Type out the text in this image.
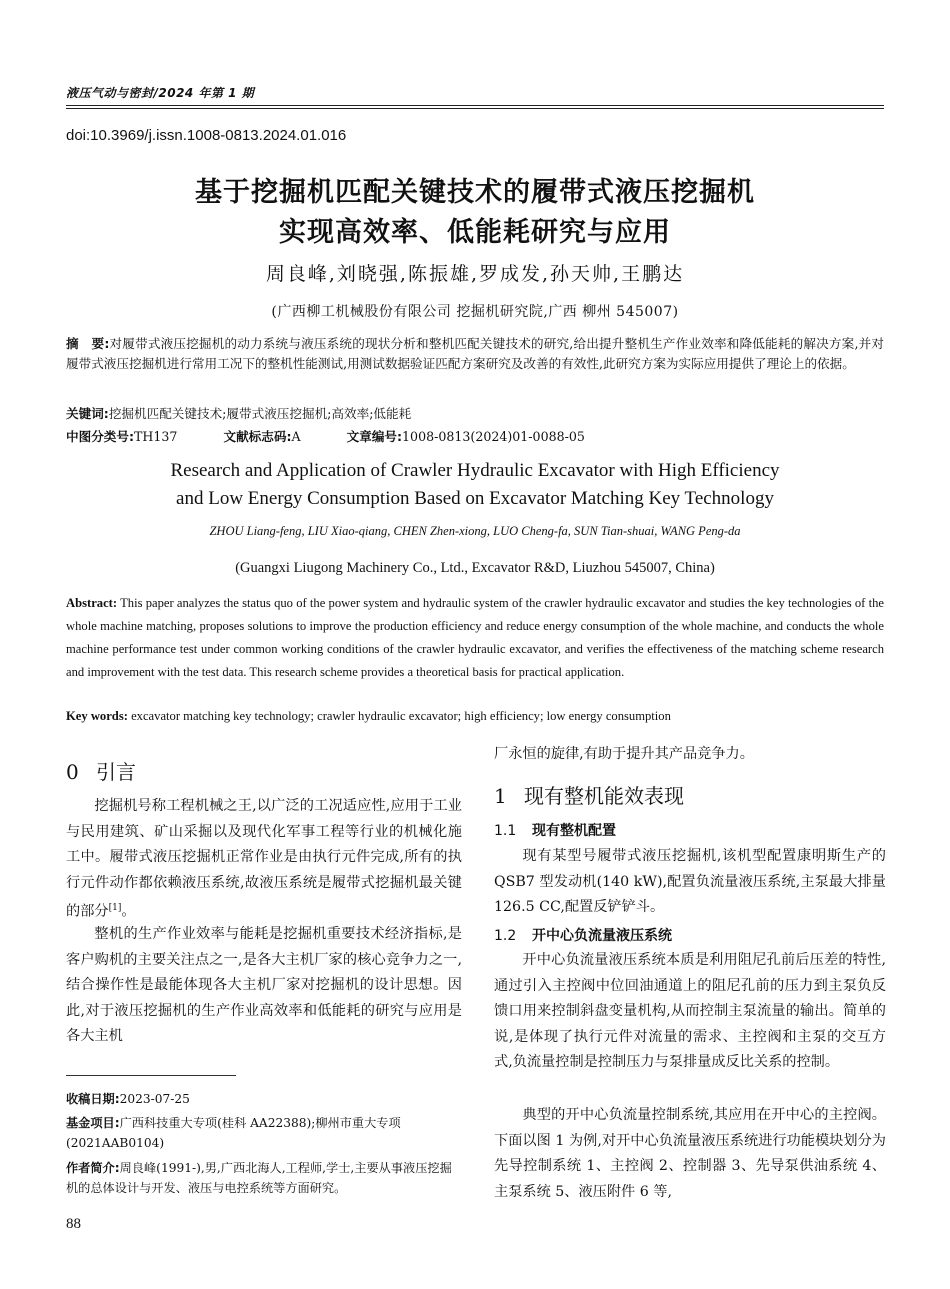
液压气动与密封/2024 年第 1 期
doi:10.3969/j.issn.1008-0813.2024.01.016
基于挖掘机匹配关键技术的履带式液压挖掘机
实现高效率、低能耗研究与应用
周良峰,刘晓强,陈振雄,罗成发,孙天帅,王鹏达
(广西柳工机械股份有限公司 挖掘机研究院,广西 柳州 545007)
摘　要:对履带式液压挖掘机的动力系统与液压系统的现状分析和整机匹配关键技术的研究,给出提升整机生产作业效率和降低能耗的解决方案,并对履带式液压挖掘机进行常用工况下的整机性能测试,用测试数据验证匹配方案研究及改善的有效性,此研究方案为实际应用提供了理论上的依据。
关键词:挖掘机匹配关键技术;履带式液压挖掘机;高效率;低能耗
中图分类号:TH137	文献标志码:A	文章编号:1008-0813(2024)01-0088-05
Research and Application of Crawler Hydraulic Excavator with High Efficiency
and Low Energy Consumption Based on Excavator Matching Key Technology
ZHOU Liang-feng, LIU Xiao-qiang, CHEN Zhen-xiong, LUO Cheng-fa, SUN Tian-shuai, WANG Peng-da
(Guangxi Liugong Machinery Co., Ltd., Excavator R&D, Liuzhou 545007, China)
Abstract: This paper analyzes the status quo of the power system and hydraulic system of the crawler hydraulic excavator and studies the key technologies of the whole machine matching, proposes solutions to improve the production efficiency and reduce energy consumption of the whole machine, and conducts the whole machine performance test under common working conditions of the crawler hydraulic excavator, and verifies the effectiveness of the matching scheme research and improvement with the test data. This research scheme provides a theoretical basis for practical application.
Key words: excavator matching key technology; crawler hydraulic excavator; high efficiency; low energy consumption
0 引言
挖掘机号称工程机械之王,以广泛的工况适应性,应用于工业与民用建筑、矿山采掘以及现代化军事工程等行业的机械化施工中。履带式液压挖掘机正常作业是由执行元件完成,所有的执行元件动作都依赖液压系统,故液压系统是履带式挖掘机最关键的部分[1]。
整机的生产作业效率与能耗是挖掘机重要技术经济指标,是客户购机的主要关注点之一,是各大主机厂家的核心竞争力之一,结合操作性是最能体现各大主机厂家对挖掘机的设计思想。因此,对于液压挖掘机的生产作业高效率和低能耗的研究与应用是各大主机
收稿日期:2023-07-25
基金项目:广西科技重大专项(桂科 AA22388);柳州市重大专项(2021AAB0104)
作者简介:周良峰(1991-),男,广西北海人,工程师,学士,主要从事液压挖掘机的总体设计与开发、液压与电控系统等方面研究。
厂永恒的旋律,有助于提升其产品竞争力。
1 现有整机能效表现
1.1 现有整机配置
现有某型号履带式液压挖掘机,该机型配置康明斯生产的 QSB7 型发动机(140 kW),配置负流量液压系统,主泵最大排量 126.5 CC,配置反铲铲斗。
1.2 开中心负流量液压系统
开中心负流量液压系统本质是利用阻尼孔前后压差的特性,通过引入主控阀中位回油通道上的阻尼孔前的压力到主泵负反馈口用来控制斜盘变量机构,从而控制主泵流量的输出。简单的说,是体现了执行元件对流量的需求、主控阀和主泵的交互方式,负流量控制是控制压力与泵排量成反比关系的控制。
典型的开中心负流量控制系统,其应用在开中心的主控阀。下面以图 1 为例,对开中心负流量液压系统进行功能模块划分为先导控制系统 1、主控阀 2、控制器 3、先导泵供油系统 4、主泵系统 5、液压附件 6 等,
88
